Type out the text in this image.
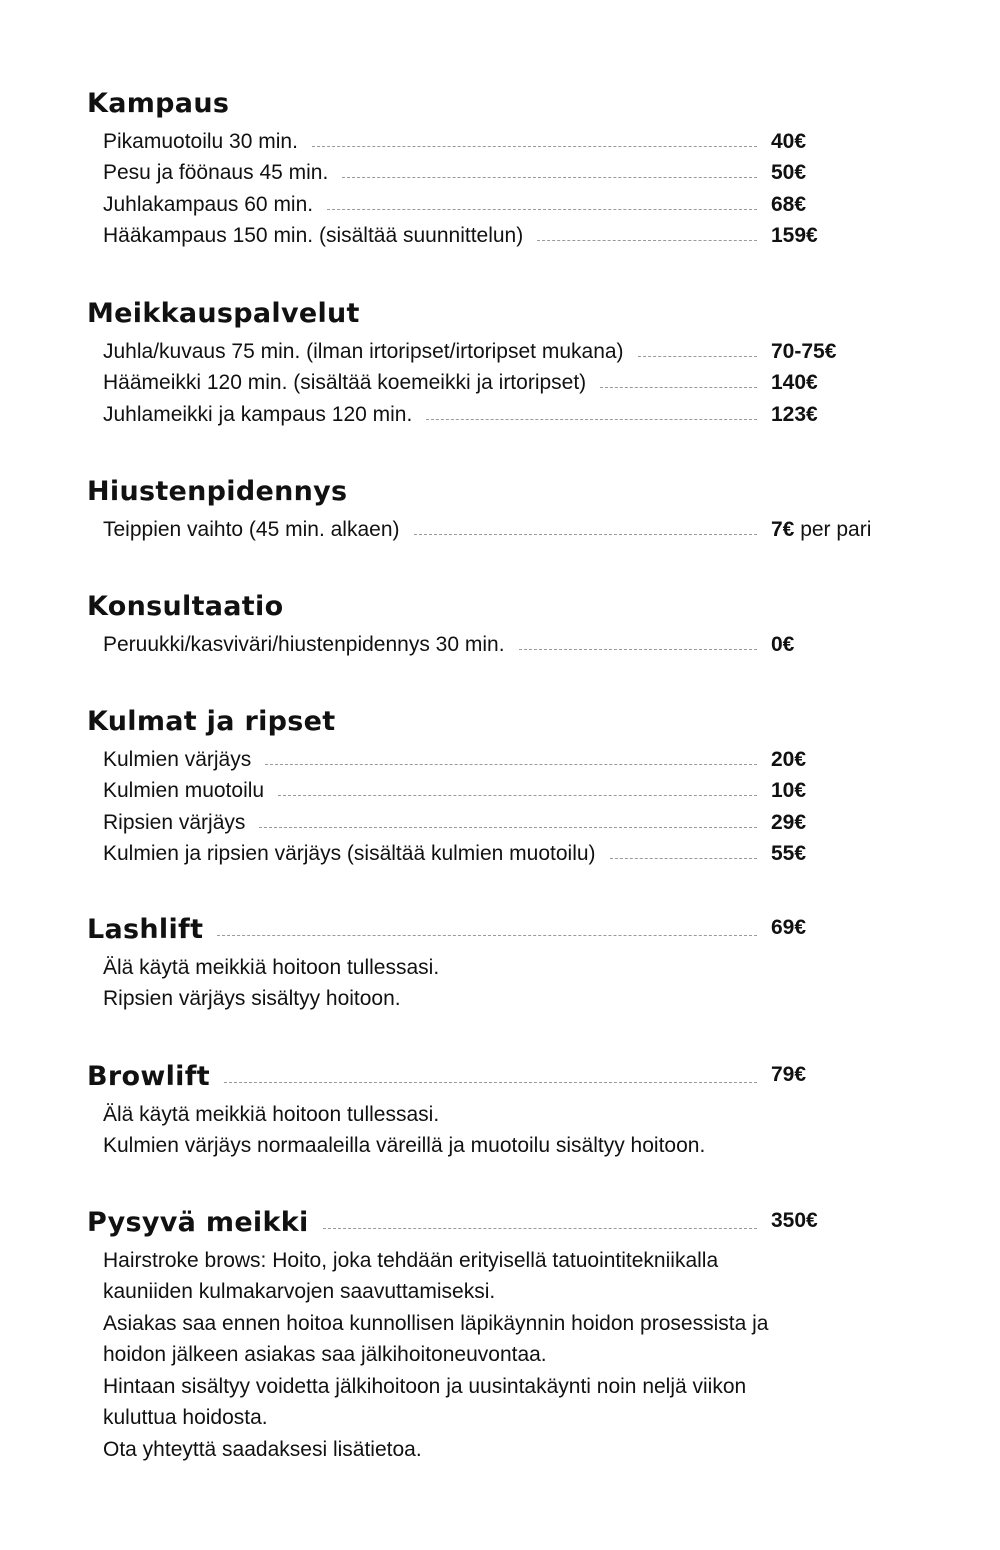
Kampaus
Pikamuotoilu 30 min.	40€
Pesu ja föönaus 45 min.	50€
Juhlakampaus 60 min.	68€
Hääkampaus 150 min. (sisältää suunnittelun)	159€
Meikkauspalvelut
Juhla/kuvaus 75 min. (ilman irtoripset/irtoripset mukana)	70-75€
Häämeikki 120 min. (sisältää koemeikki ja irtoripset)	140€
Juhlameikki ja kampaus 120 min.	123€
Hiustenpidennys
Teippien vaihto (45 min. alkaen)	7€ per pari
Konsultaatio
Peruukki/kasviväri/hiustenpidennys 30 min.	0€
Kulmat ja ripset
Kulmien värjäys	20€
Kulmien muotoilu	10€
Ripsien värjäys	29€
Kulmien ja ripsien värjäys (sisältää kulmien muotoilu)	55€
Lashlift	69€
Älä käytä meikkiä hoitoon tullessasi.
Ripsien värjäys sisältyy hoitoon.
Browlift	79€
Älä käytä meikkiä hoitoon tullessasi.
Kulmien värjäys normaaleilla väreillä ja muotoilu sisältyy hoitoon.
Pysyvä meikki	350€
Hairstroke brows: Hoito, joka tehdään erityisellä tatuointitekniikalla
kauniiden kulmakarvojen saavuttamiseksi.
Asiakas saa ennen hoitoa kunnollisen läpikäynnin hoidon prosessista ja
hoidon jälkeen asiakas saa jälkihoitoneuvontaa.
Hintaan sisältyy voidetta jälkihoitoon ja uusintakäynti noin neljä viikon
kuluttua hoidosta.
Ota yhteyttä saadaksesi lisätietoa.
